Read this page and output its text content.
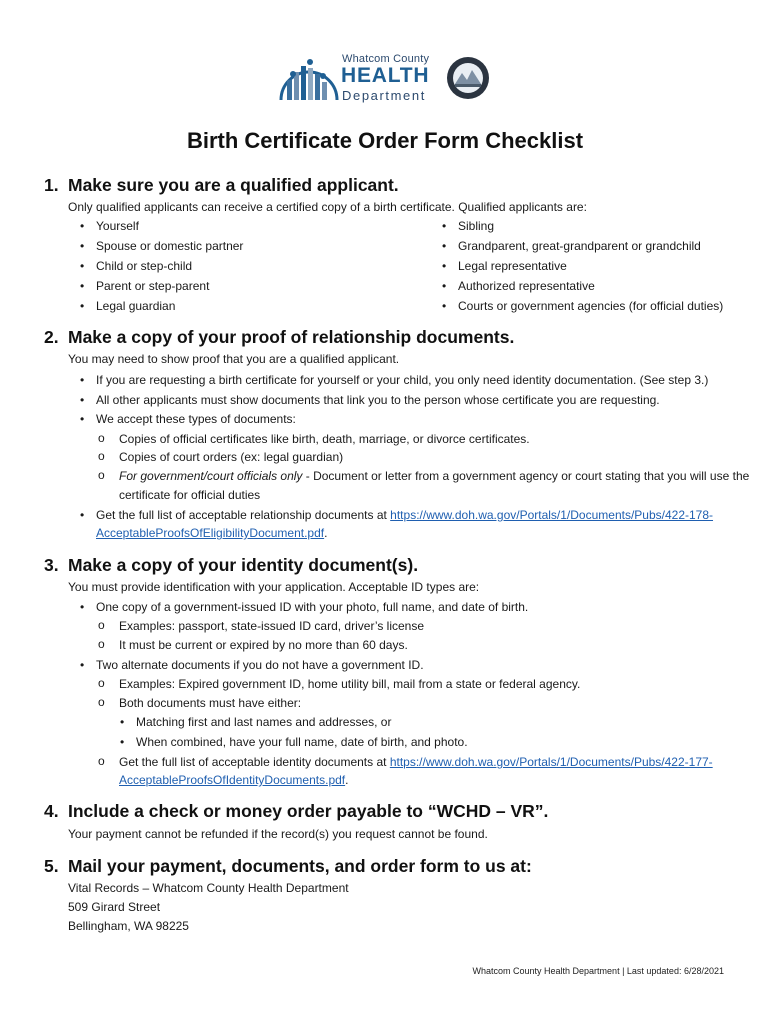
Whatcom County
HEALTH
Department
Birth Certificate Order Form Checklist
1. Make sure you are a qualified applicant.
Only qualified applicants can receive a certified copy of a birth certificate. Qualified applicants are:
• Yourself
• Spouse or domestic partner
• Child or step-child
• Parent or step-parent
• Legal guardian
• Sibling
• Grandparent, great-grandparent or grandchild
• Legal representative
• Authorized representative
• Courts or government agencies (for official duties)
2. Make a copy of your proof of relationship documents.
You may need to show proof that you are a qualified applicant.
• If you are requesting a birth certificate for yourself or your child, you only need identity documentation. (See step 3.)
• All other applicants must show documents that link you to the person whose certificate you are requesting.
• We accept these types of documents:
o Copies of official certificates like birth, death, marriage, or divorce certificates.
o Copies of court orders (ex: legal guardian)
o For government/court officials only - Document or letter from a government agency or court stating that you will use the
certificate for official duties
• Get the full list of acceptable relationship documents at https://www.doh.wa.gov/Portals/1/Documents/Pubs/422-178-
AcceptableProofsOfEligibilityDocument.pdf.
3. Make a copy of your identity document(s).
You must provide identification with your application. Acceptable ID types are:
• One copy of a government-issued ID with your photo, full name, and date of birth.
o Examples: passport, state-issued ID card, driver’s license
o It must be current or expired by no more than 60 days.
• Two alternate documents if you do not have a government ID.
o Examples: Expired government ID, home utility bill, mail from a state or federal agency.
o Both documents must have either:
• Matching first and last names and addresses, or
• When combined, have your full name, date of birth, and photo.
o Get the full list of acceptable identity documents at https://www.doh.wa.gov/Portals/1/Documents/Pubs/422-177-
AcceptableProofsOfIdentityDocuments.pdf.
4. Include a check or money order payable to “WCHD – VR”.
Your payment cannot be refunded if the record(s) you request cannot be found.
5. Mail your payment, documents, and order form to us at:
Vital Records – Whatcom County Health Department
509 Girard Street
Bellingham, WA 98225
Whatcom County Health Department | Last updated: 6/28/2021
